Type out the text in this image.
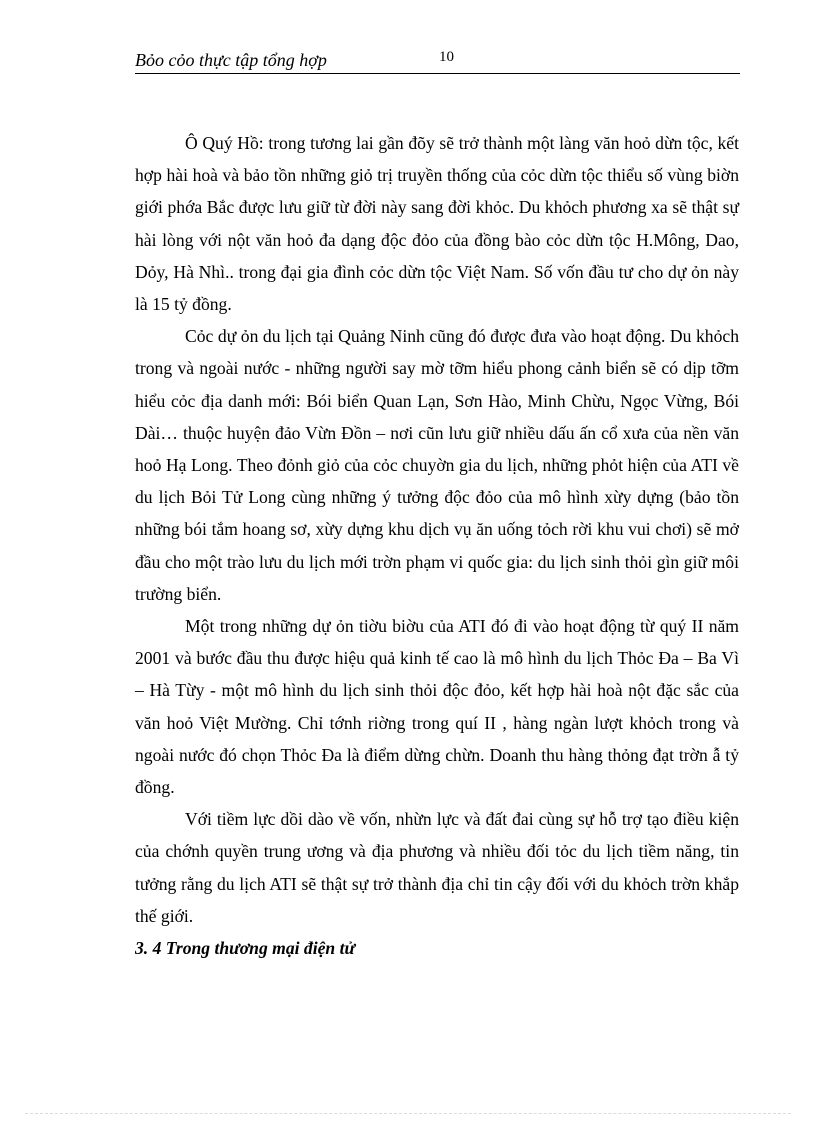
Bỏo cỏo thực tập tổng hợp	10

Ô Quý Hồ: trong tương lai gần đõy sẽ trở thành một làng văn hoỏ dừn tộc, kết hợp hài hoà và bảo tồn những giỏ trị truyền thống của cỏc dừn tộc thiểu số vùng biờn giới phớa Bắc được lưu giữ từ đời này sang đời khỏc. Du khỏch phương xa sẽ thật sự hài lòng với nột văn hoỏ đa dạng độc đỏo của đồng bào cỏc dừn tộc H.Mông, Dao, Dỏy, Hà Nhì.. trong đại gia đình cỏc dừn tộc Việt Nam. Số vốn đầu tư cho dự ỏn này là 15 tỷ đồng.

Cỏc dự ỏn du lịch tại Quảng Ninh cũng đó được đưa vào hoạt động. Du khỏch trong và ngoài nước - những người say mờ tỡm hiểu phong cảnh biển sẽ có dịp tỡm hiểu cỏc địa danh mới: Bói biển Quan Lạn, Sơn Hào, Minh Chừu, Ngọc Vừng, Bói Dài… thuộc huyện đảo Vừn Đồn – nơi cũn lưu giữ nhiều dấu ấn cổ xưa của nền văn hoỏ Hạ Long. Theo đỏnh giỏ của cỏc chuyờn gia du lịch, những phỏt hiện của ATI về du lịch Bỏi Tử Long cùng những ý tưởng độc đỏo của mô hình xừy dựng (bảo tồn những bói tắm hoang sơ, xừy dựng khu dịch vụ ăn uống tỏch rời khu vui chơi) sẽ mở đầu cho một trào lưu du lịch mới trờn phạm vi quốc gia: du lịch sinh thỏi gìn giữ môi trường biển.

Một trong những dự ỏn tiờu biờu của ATI đó đi vào hoạt động từ quý II năm 2001 và bước đầu thu được hiệu quả kinh tế cao là mô hình du lịch Thỏc Đa – Ba Vì – Hà Từy - một mô hình du lịch sinh thỏi độc đỏo, kết hợp hài hoà nột đặc sắc của văn hoỏ Việt Mường. Chỉ tớnh riờng trong quí II , hàng ngàn lượt khỏch trong và ngoài nước đó chọn Thỏc Đa là điểm dừng chừn. Doanh thu hàng thỏng đạt trờn ẫ tỷ đồng.

Với tiềm lực dồi dào về vốn, nhừn lực và đất đai cùng sự hỗ trợ tạo điều kiện của chớnh quyền trung ương và địa phương và nhiều đối tỏc du lịch tiềm năng, tin tưởng rằng du lịch ATI sẽ thật sự trở thành địa chỉ tin cậy đối với du khỏch trờn khắp thế giới.

3. 4 Trong thương mại điện tử
